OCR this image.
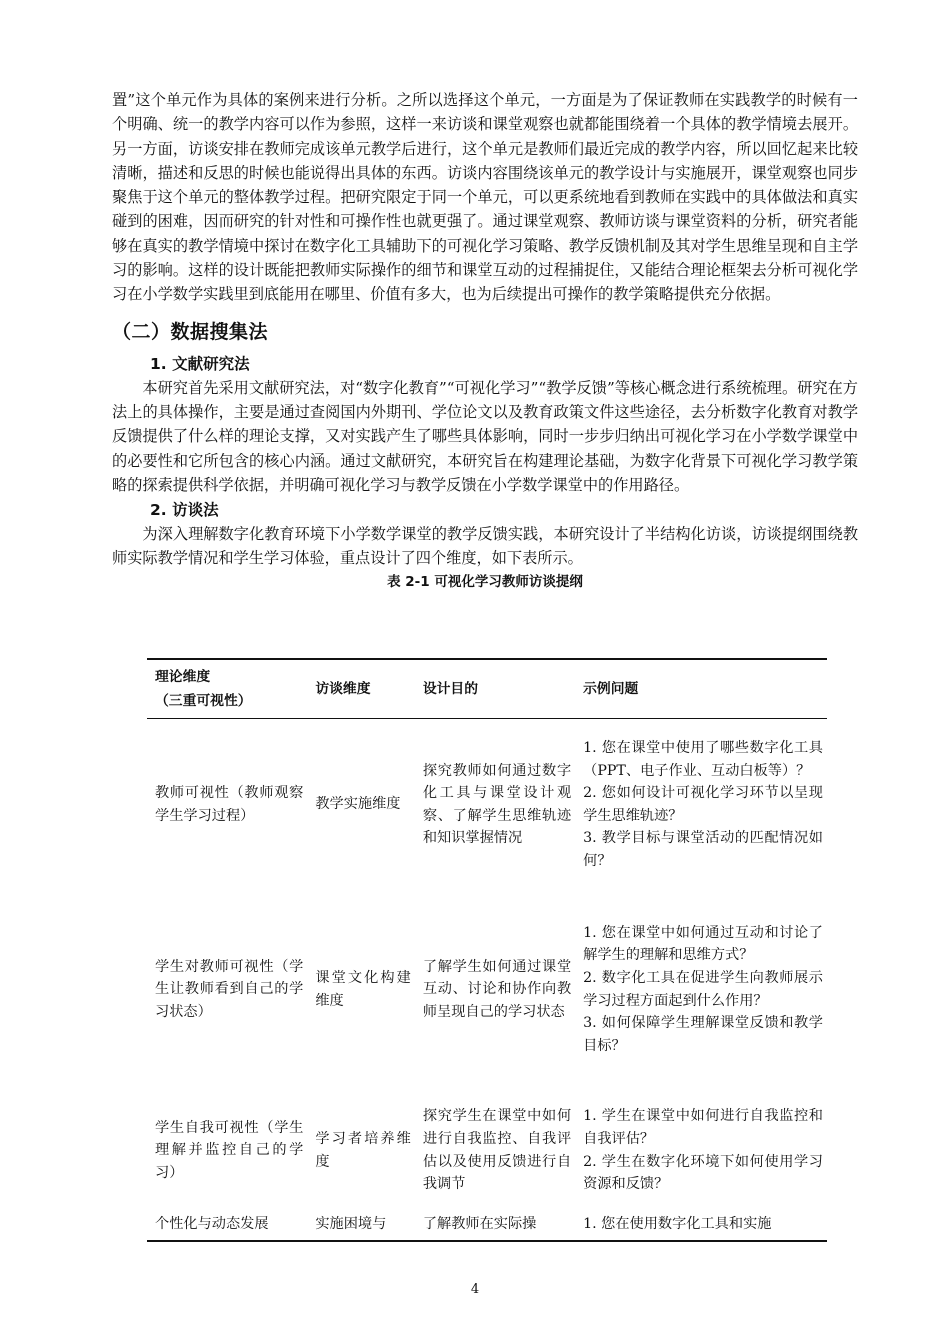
置”这个单元作为具体的案例来进行分析。之所以选择这个单元，一方面是为了保证教师在实践教学的时候有一个明确、统一的教学内容可以作为参照，这样一来访谈和课堂观察也就都能围绕着一个具体的教学情境去展开。另一方面，访谈安排在教师完成该单元教学后进行，这个单元是教师们最近完成的教学内容，所以回忆起来比较清晰，描述和反思的时候也能说得出具体的东西。访谈内容围绕该单元的教学设计与实施展开，课堂观察也同步聚焦于这个单元的整体教学过程。把研究限定于同一个单元，可以更系统地看到教师在实践中的具体做法和真实碰到的困难，因而研究的针对性和可操作性也就更强了。通过课堂观察、教师访谈与课堂资料的分析，研究者能够在真实的教学情境中探讨在数字化工具辅助下的可视化学习策略、教学反馈机制及其对学生思维呈现和自主学习的影响。这样的设计既能把教师实际操作的细节和课堂互动的过程捕捉住，又能结合理论框架去分析可视化学习在小学数学实践里到底能用在哪里、价值有多大，也为后续提出可操作的教学策略提供充分依据。

（二）数据搜集法
1. 文献研究法

本研究首先采用文献研究法，对“数字化教育”“可视化学习”“教学反馈”等核心概念进行系统梳理。研究在方法上的具体操作，主要是通过查阅国内外期刊、学位论文以及教育政策文件这些途径，去分析数字化教育对教学反馈提供了什么样的理论支撑，又对实践产生了哪些具体影响，同时一步步归纳出可视化学习在小学数学课堂中的必要性和它所包含的核心内涵。通过文献研究，本研究旨在构建理论基础，为数字化背景下可视化学习教学策略的探索提供科学依据，并明确可视化学习与教学反馈在小学数学课堂中的作用路径。

2. 访谈法

为深入理解数字化教育环境下小学数学课堂的教学反馈实践，本研究设计了半结构化访谈，访谈提纲围绕教师实际教学情况和学生学习体验，重点设计了四个维度，如下表所示。

表 2-1 可视化学习教师访谈提纲

理论维度
（三重可视性）	访谈维度	设计目的	示例问题
教师可视性（教师观察学生学习过程）	教学实施维度	探究教师如何通过数字化工具与课堂设计观察、了解学生思维轨迹和知识掌握情况	1. 您在课堂中使用了哪些数字化工具（PPT、电子作业、互动白板等）？
2. 您如何设计可视化学习环节以呈现学生思维轨迹？
3. 教学目标与课堂活动的匹配情况如何？

学生对教师可视性（学生让教师看到自己的学习状态）	课堂文化构建维度	了解学生如何通过课堂互动、讨论和协作向教师呈现自己的学习状态	1. 您在课堂中如何通过互动和讨论了解学生的理解和思维方式？
2. 数字化工具在促进学生向教师展示学习过程方面起到什么作用？
3. 如何保障学生理解课堂反馈和教学目标？

学生自我可视性（学生理解并监控自己的学习）	学习者培养维度	探究学生在课堂中如何进行自我监控、自我评估以及使用反馈进行自我调节	1. 学生在课堂中如何进行自我监控和自我评估？
2. 学生在数字化环境下如何使用学习资源和反馈？

个性化与动态发展	实施困境与	了解教师在实际操	1. 您在使用数字化工具和实施
4
